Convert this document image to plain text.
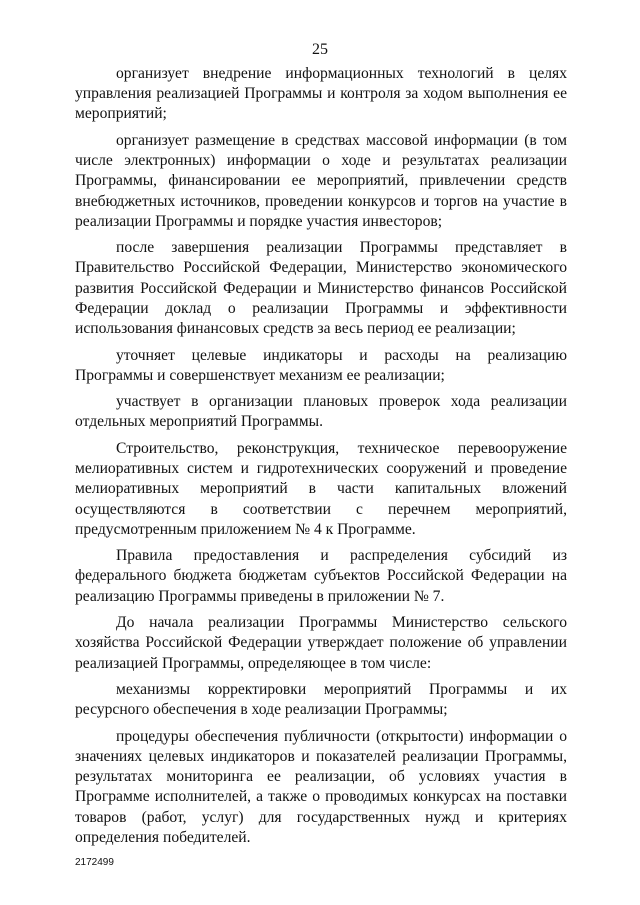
25

организует внедрение информационных технологий в целях управления реализацией Программы и контроля за ходом выполнения ее мероприятий;

организует размещение в средствах массовой информации (в том числе электронных) информации о ходе и результатах реализации Программы, финансировании ее мероприятий, привлечении средств внебюджетных источников, проведении конкурсов и торгов на участие в реализации Программы и порядке участия инвесторов;

после завершения реализации Программы представляет в Правительство Российской Федерации, Министерство экономического развития Российской Федерации и Министерство финансов Российской Федерации доклад о реализации Программы и эффективности использования финансовых средств за весь период ее реализации;

уточняет целевые индикаторы и расходы на реализацию Программы и совершенствует механизм ее реализации;

участвует в организации плановых проверок хода реализации отдельных мероприятий Программы.

Строительство, реконструкция, техническое перевооружение мелиоративных систем и гидротехнических сооружений и проведение мелиоративных мероприятий в части капитальных вложений осуществляются в соответствии с перечнем мероприятий, предусмотренным приложением № 4 к Программе.

Правила предоставления и распределения субсидий из федерального бюджета бюджетам субъектов Российской Федерации на реализацию Программы приведены в приложении № 7.

До начала реализации Программы Министерство сельского хозяйства Российской Федерации утверждает положение об управлении реализацией Программы, определяющее в том числе:

механизмы корректировки мероприятий Программы и их ресурсного обеспечения в ходе реализации Программы;

процедуры обеспечения публичности (открытости) информации о значениях целевых индикаторов и показателей реализации Программы, результатах мониторинга ее реализации, об условиях участия в Программе исполнителей, а также о проводимых конкурсах на поставки товаров (работ, услуг) для государственных нужд и критериях определения победителей.

2172499
